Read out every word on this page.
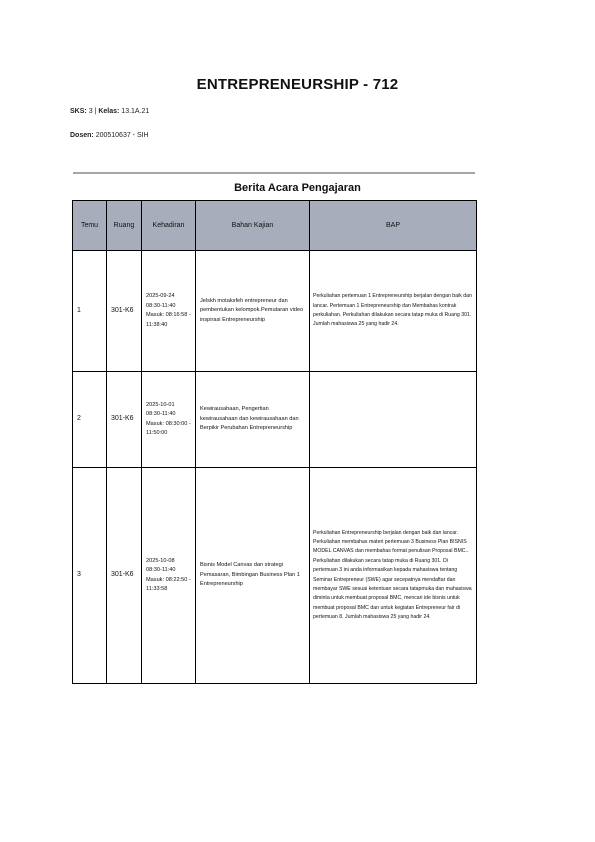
ENTREPRENEURSHIP - 712
SKS: 3 | Kelas: 13.1A.21
Dosen: 200510637 - SIH
Berita Acara Pengajaran
Temu	Ruang	Kehadiran	Bahan Kajian	BAP
1	301-K6	2025-09-24 08:30-11:40 Masuk: 08:16:58 - 11:38:40	Jelskh motaksfeh entrepreneur dan pembentukan kelompok.Pemutaran video inspirasi Entrepreneurship	Perkuliahan pertemuan 1 Entrepreneurship berjalan dengan baik dan lancar. Pertemuan 1 Entrepreneurship dan Membahas kontrak perkuliahan. Perkuliahan dilakukan secara tatap muka di Ruang 301. Jumlah mahasiswa 25 yang hadir 24.
2	301-K6	2025-10-01 08:30-11:40 Masuk: 08:30:00 - 11:50:00	Kewirausahaan, Pengertian kewirausahaan dan kewirausahaan dan Berpikir Perubahan Entrepreneurship	
3	301-K6	2025-10-08 08:30-11:40 Masuk: 08:22:50 - 11:33:58	Bisnis Model Canvas dan strategi Pemasaran, Bimbingan Business Plan 1 Entrepreneurship	Perkuliahan Entrepreneurship berjalan dengan baik dan lancar. Perkuliahan membahas materi pertemuan 3 Business Plan BISNIS MODEL CANVAS dan membahas format penulisan Proposal BMC.. Perkuliahan dilakukan secara tatap muka di Ruang 301. Di pertemuan 3 ini anda informasikan kepada mahasiswa tentang Seminar Entrepreneur (SWE) agar secepatnya mendaftar dan membayar SWE sesuai ketentuan secara tatapmuka dan mahasiswa diminta untuk membuat proposal BMC, mencari ide bisnis untuk membuat proposal BMC dan untuk kegiatan Entrepreneur fair di pertemuan 8. Jumlah mahasiswa 25 yang hadir 24.
